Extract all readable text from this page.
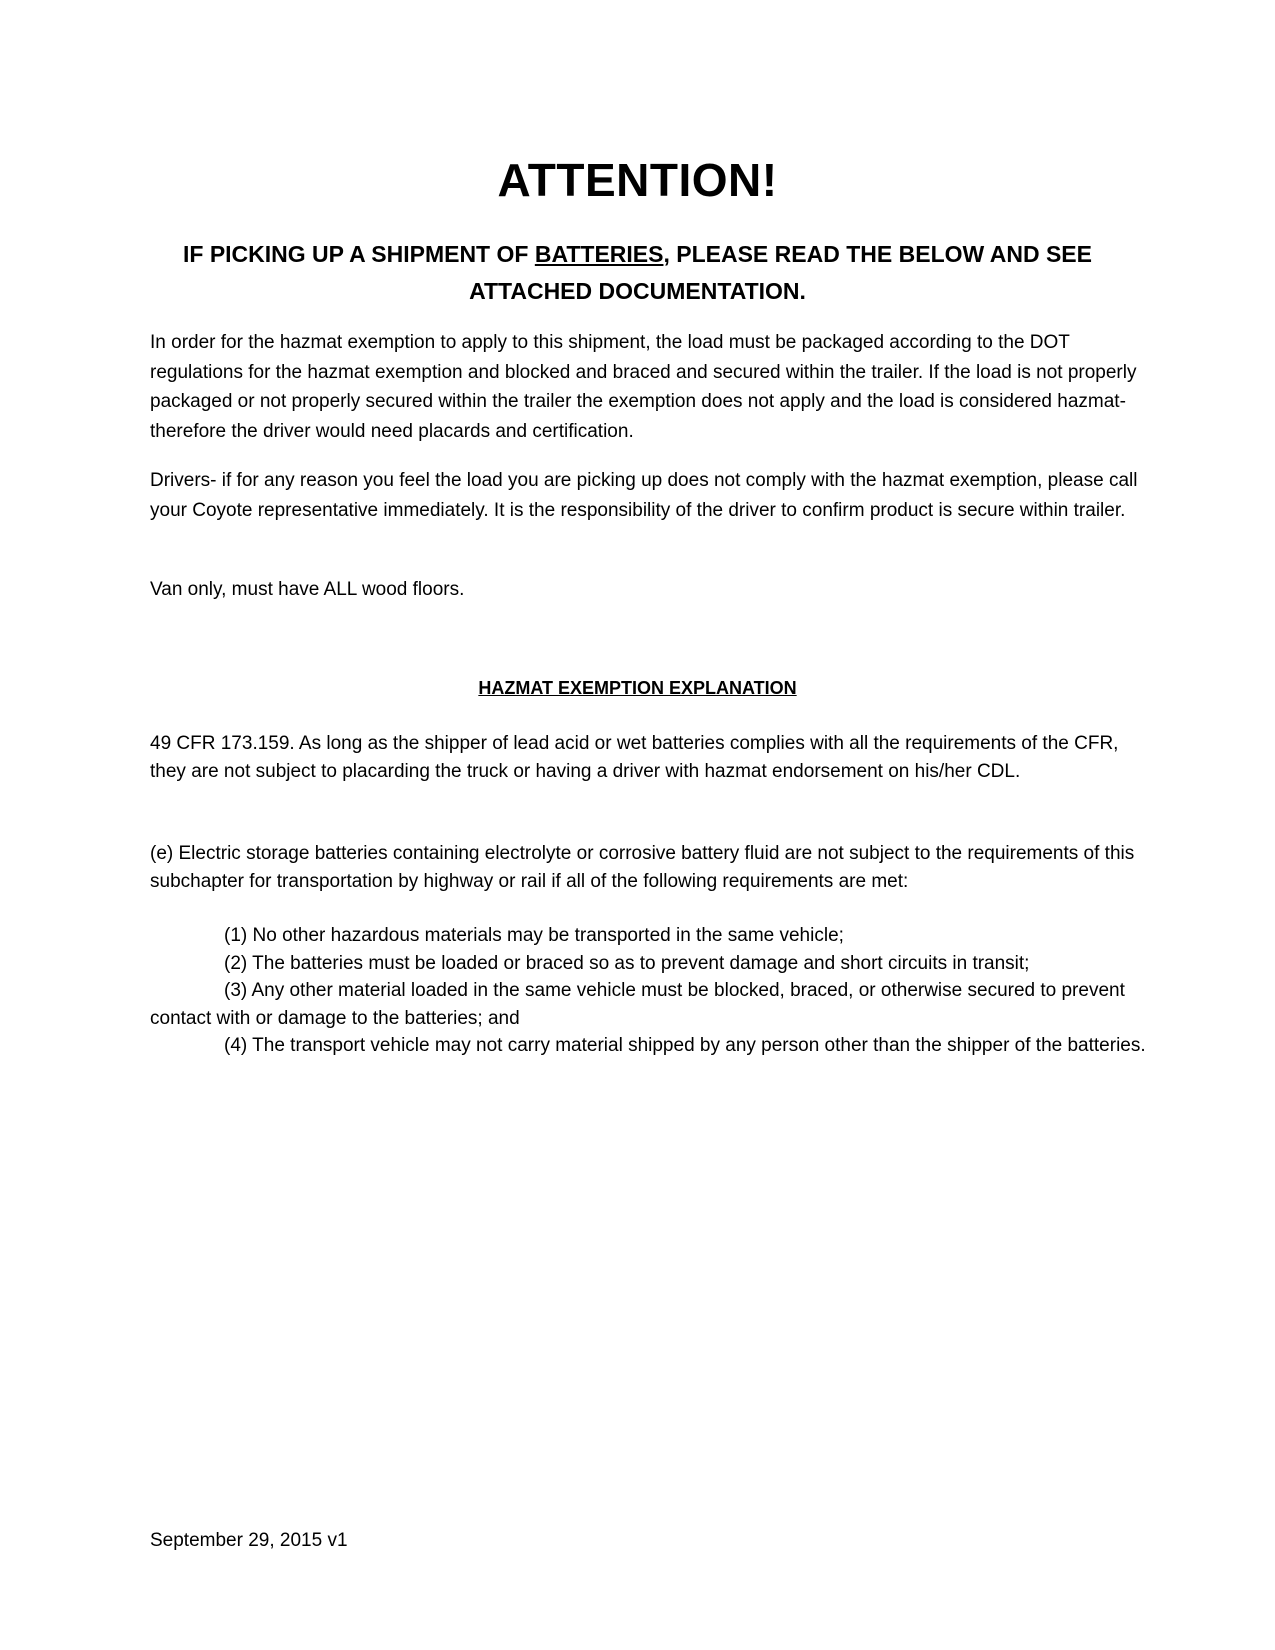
ATTENTION!
IF PICKING UP A SHIPMENT OF BATTERIES, PLEASE READ THE BELOW AND SEE ATTACHED DOCUMENTATION.

In order for the hazmat exemption to apply to this shipment, the load must be packaged according to the DOT regulations for the hazmat exemption and blocked and braced and secured within the trailer. If the load is not properly packaged or not properly secured within the trailer the exemption does not apply and the load is considered hazmat- therefore the driver would need placards and certification.

Drivers- if for any reason you feel the load you are picking up does not comply with the hazmat exemption, please call your Coyote representative immediately. It is the responsibility of the driver to confirm product is secure within trailer.

Van only, must have ALL wood floors.

HAZMAT EXEMPTION EXPLANATION

49 CFR 173.159. As long as the shipper of lead acid or wet batteries complies with all the requirements of the CFR, they are not subject to placarding the truck or having a driver with hazmat endorsement on his/her CDL.

(e) Electric storage batteries containing electrolyte or corrosive battery fluid are not subject to the requirements of this subchapter for transportation by highway or rail if all of the following requirements are met:

(1) No other hazardous materials may be transported in the same vehicle;
(2) The batteries must be loaded or braced so as to prevent damage and short circuits in transit;
(3) Any other material loaded in the same vehicle must be blocked, braced, or otherwise secured to prevent contact with or damage to the batteries; and
(4) The transport vehicle may not carry material shipped by any person other than the shipper of the batteries.
September 29, 2015 v1
